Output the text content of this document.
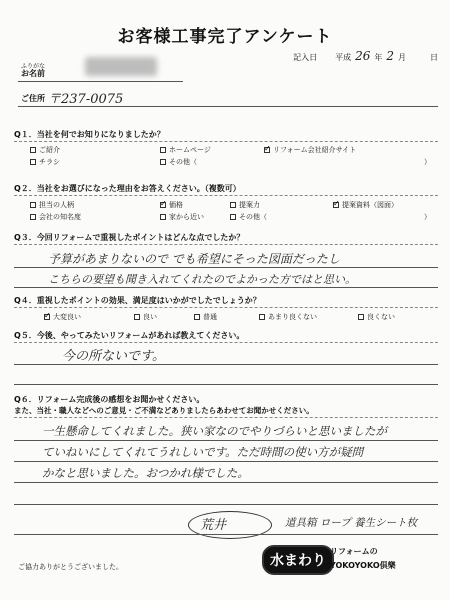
お客様工事完了アンケート
記入日 平成 26 年 2 月	日
ふりがな
お名前
ご住所 〒237-0075
Q１．当社を何でお知りになりましたか？
ご紹介	ホームページ ✓	リフォーム会社紹介サイト
チラシ	その他（	）
Q２．当社をお選びになった理由をお答えください。（複数可）
担当の人柄 ✓	価格	提案力 ✓	提案資料（図面）
会社の知名度	家から近い	その他（	）
Q３．今回リフォームで重視したポイントはどんな点でしたか？
予算があまりないので でも希望にそった図面だったし
こちらの要望も聞き入れてくれたのでよかった方ではと思い。
Q４．重視したポイントの効果、満足度はいかがでしたでしょうか？
✓
大変良い	良い	普通	あまり良くない	良くない
Q５．今後、やってみたいリフォームがあれば教えてください。
今の所ないです。
Q６．リフォーム完成後の感想をお聞かせください。
また、当社・職人などへのご意見・ご不満などありましたらあわせてお聞かせください。
一生懸命してくれました。狭い家なのでやりづらいと思いましたが
ていねいにしてくれてうれしいです。ただ時間の使い方が疑問
かなと思いました。おつかれ様でした。
荒井	道具箱 ロープ 養生シート枚
ご協力ありがとうございました。	水まわり
リフォームの
YOKOYOKO倶樂
